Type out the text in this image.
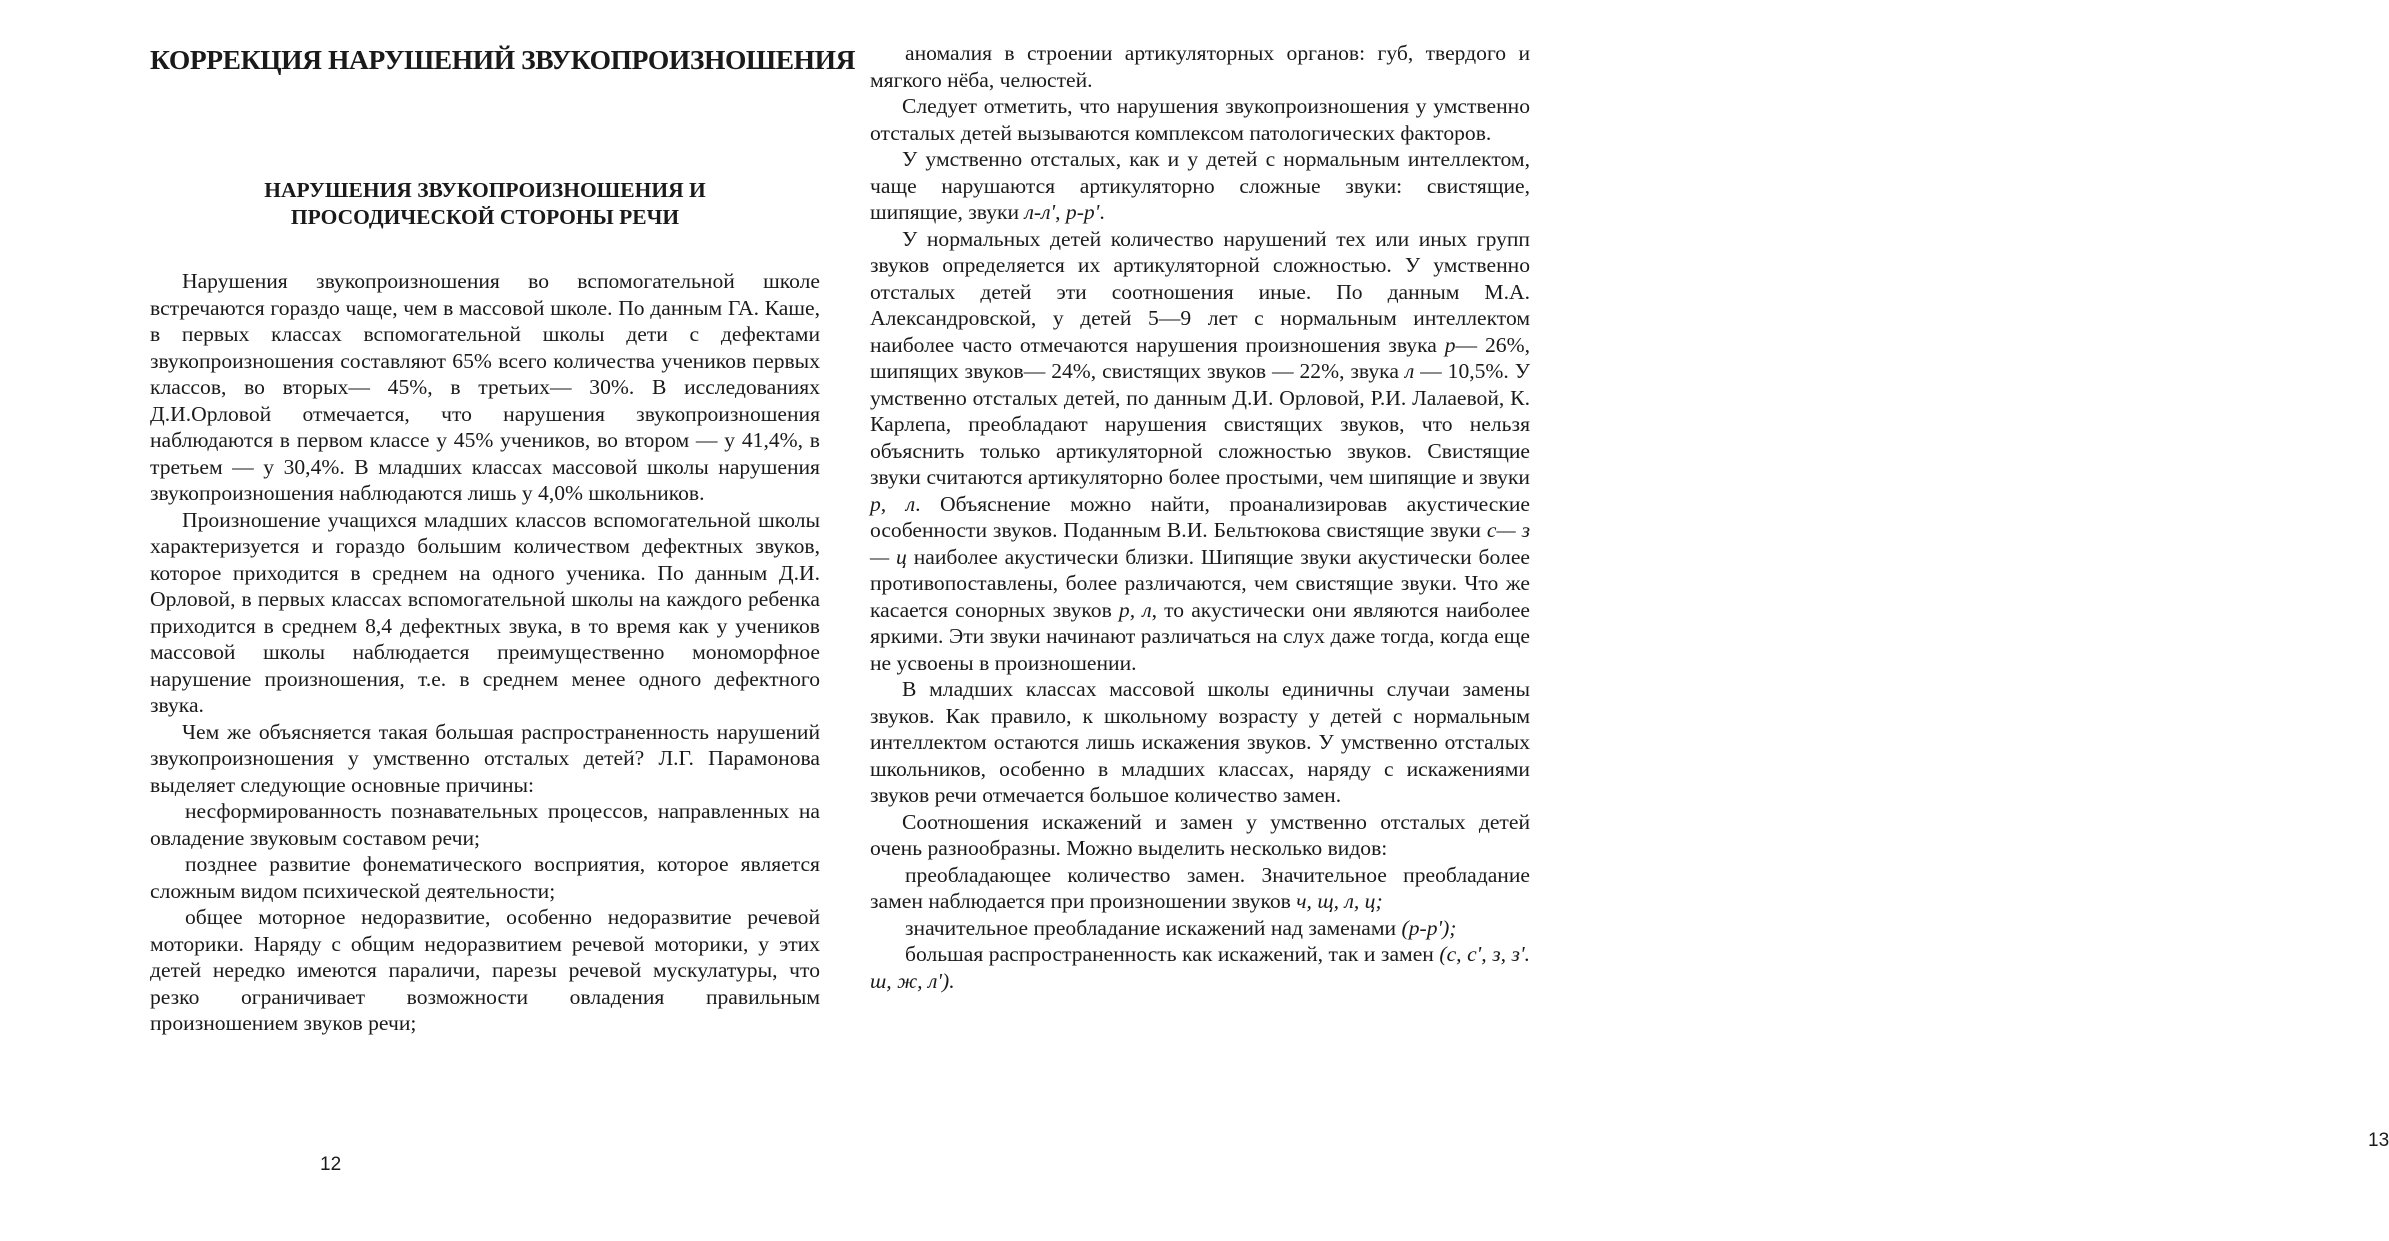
КОРРЕКЦИЯ НАРУШЕНИЙ ЗВУКОПРОИЗНОШЕНИЯ
НАРУШЕНИЯ ЗВУКОПРОИЗНОШЕНИЯ И
ПРОСОДИЧЕСКОЙ СТОРОНЫ РЕЧИ

Нарушения звукопроизношения во вспомогательной школе встречаются гораздо чаще, чем в массовой школе. По данным ГА. Каше, в первых классах вспомогательной школы дети с дефектами звукопроизношения составляют 65% всего количества учеников первых классов, во вторых— 45%, в третьих— 30%. В исследованиях Д.И.Орловой отмечается, что нарушения звукопроизношения наблюдаются в первом классе у 45% учеников, во втором — у 41,4%, в третьем — у 30,4%. В младших классах массовой школы нарушения звукопроизношения наблюдаются лишь у 4,0% школьников.

Произношение учащихся младших классов вспомогательной школы характеризуется и гораздо большим количеством дефектных звуков, которое приходится в среднем на одного ученика. По данным Д.И. Орловой, в первых классах вспомогательной школы на каждого ребенка приходится в среднем 8,4 дефектных звука, в то время как у учеников массовой школы наблюдается преимущественно мономорфное нарушение произношения, т.е. в среднем менее одного дефектного звука.

Чем же объясняется такая большая распространенность нарушений звукопроизношения у умственно отсталых детей? Л.Г. Парамонова выделяет следующие основные причины:

несформированность познавательных процессов, направленных на овладение звуковым составом речи;

позднее развитие фонематического восприятия, которое является сложным видом психической деятельности;

общее моторное недоразвитие, особенно недоразвитие речевой моторики. Наряду с общим недоразвитием речевой моторики, у этих детей нередко имеются параличи, парезы речевой мускулатуры, что резко ограничивает возможности овладения правильным произношением звуков речи;

12

аномалия в строении артикуляторных органов: губ, твердого и мягкого нёба, челюстей.

Следует отметить, что нарушения звукопроизношения у умственно отсталых детей вызываются комплексом патологических факторов.

У умственно отсталых, как и у детей с нормальным интеллектом, чаще нарушаются артикуляторно сложные звуки: свистящие, шипящие, звуки л-л', р-р'.

У нормальных детей количество нарушений тех или иных групп звуков определяется их артикуляторной сложностью. У умственно отсталых детей эти соотношения иные. По данным М.А. Александровской, у детей 5—9 лет с нормальным интеллектом наиболее часто отмечаются нарушения произношения звука р— 26%, шипящих звуков— 24%, свистящих звуков — 22%, звука л — 10,5%. У умственно отсталых детей, по данным Д.И. Орловой, Р.И. Лалаевой, К. Карлепа, преобладают нарушения свистящих звуков, что нельзя объяснить только артикуляторной сложностью звуков. Свистящие звуки считаются артикуляторно более простыми, чем шипящие и звуки р, л. Объяснение можно найти, проанализировав акустические особенности звуков. Поданным В.И. Бельтюкова свистящие звуки с— з— ц наиболее акустически близки. Шипящие звуки акустически более противопоставлены, более различаются, чем свистящие звуки. Что же касается сонорных звуков р, л, то акустически они являются наиболее яркими. Эти звуки начинают различаться на слух даже тогда, когда еще не усвоены в произношении.

В младших классах массовой школы единичны случаи замены звуков. Как правило, к школьному возрасту у детей с нормальным интеллектом остаются лишь искажения звуков. У умственно отсталых школьников, особенно в младших классах, наряду с искажениями звуков речи отмечается большое количество замен.

Соотношения искажений и замен у умственно отсталых детей очень разнообразны. Можно выделить несколько видов:

преобладающее количество замен. Значительное преобладание замен наблюдается при произношении звуков ч, щ, л, ц;

значительное преобладание искажений над заменами (р-р');

большая распространенность как искажений, так и замен (с, с', з, з'. ш, ж, л').

13
